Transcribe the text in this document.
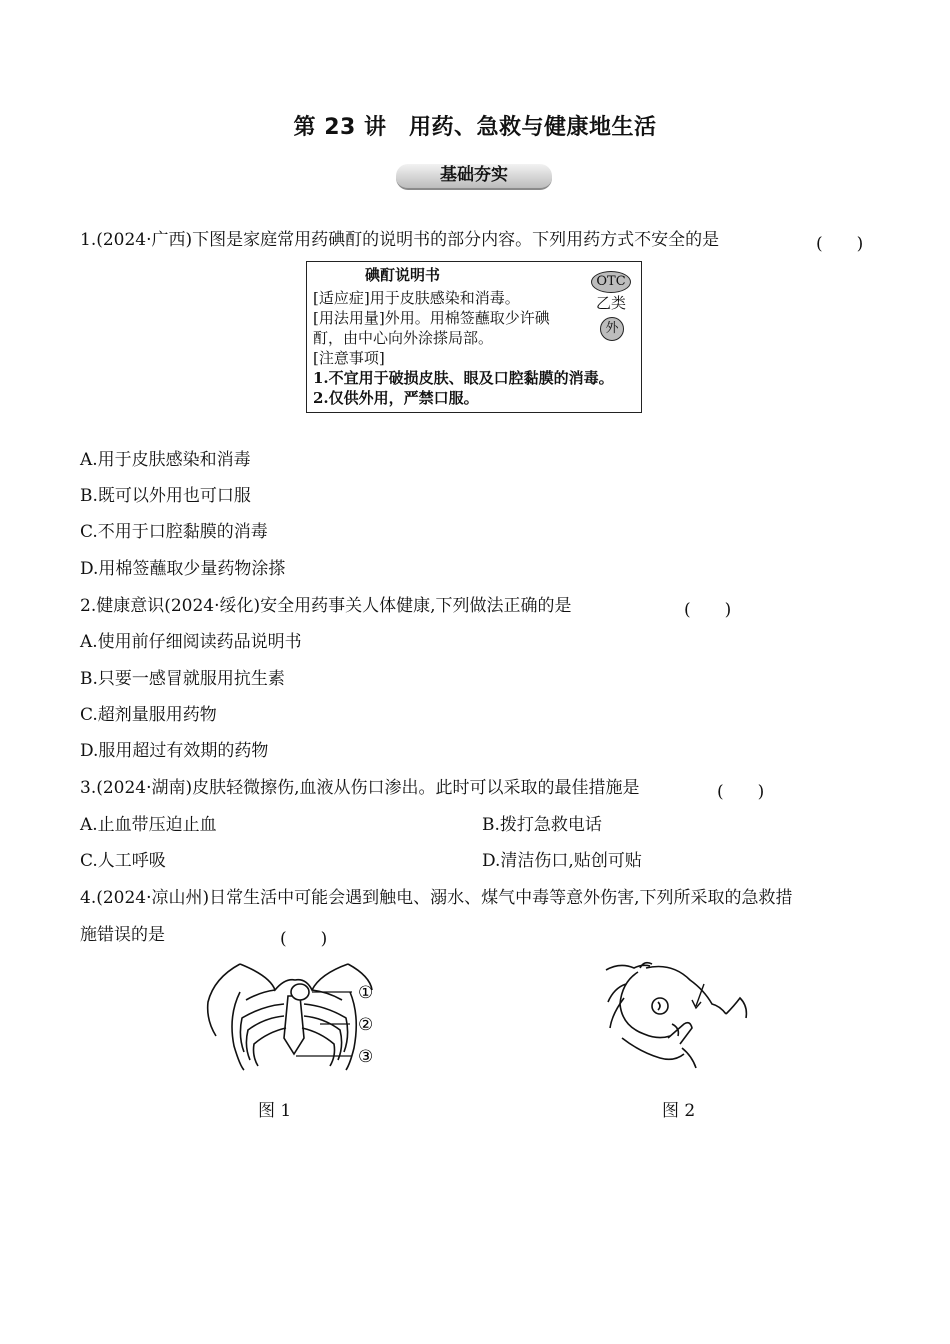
第 23 讲　用药、急救与健康地生活
基础夯实
1.(2024·广西)下图是家庭常用药碘酊的说明书的部分内容。下列用药方式不安全的是	(　　)
碘酊说明书
[适应症]用于皮肤感染和消毒。
[用法用量]外用。用棉签蘸取少许碘
酊，由中心向外涂搽局部。
[注意事项]
1.不宜用于破损皮肤、眼及口腔黏膜的消毒。
2.仅供外用，严禁口服。
OTC
乙类
外
A.用于皮肤感染和消毒
B.既可以外用也可口服
C.不用于口腔黏膜的消毒
D.用棉签蘸取少量药物涂搽
2.健康意识(2024·绥化)安全用药事关人体健康,下列做法正确的是	(　　)
A.使用前仔细阅读药品说明书
B.只要一感冒就服用抗生素
C.超剂量服用药物
D.服用超过有效期的药物
3.(2024·湖南)皮肤轻微擦伤,血液从伤口渗出。此时可以采取的最佳措施是	(　　)
A.止血带压迫止血	B.拨打急救电话
C.人工呼吸	D.清洁伤口,贴创可贴
4.(2024·凉山州)日常生活中可能会遇到触电、溺水、煤气中毒等意外伤害,下列所采取的急救措
施错误的是	(　　)
①
②
③
图 1	图 2
